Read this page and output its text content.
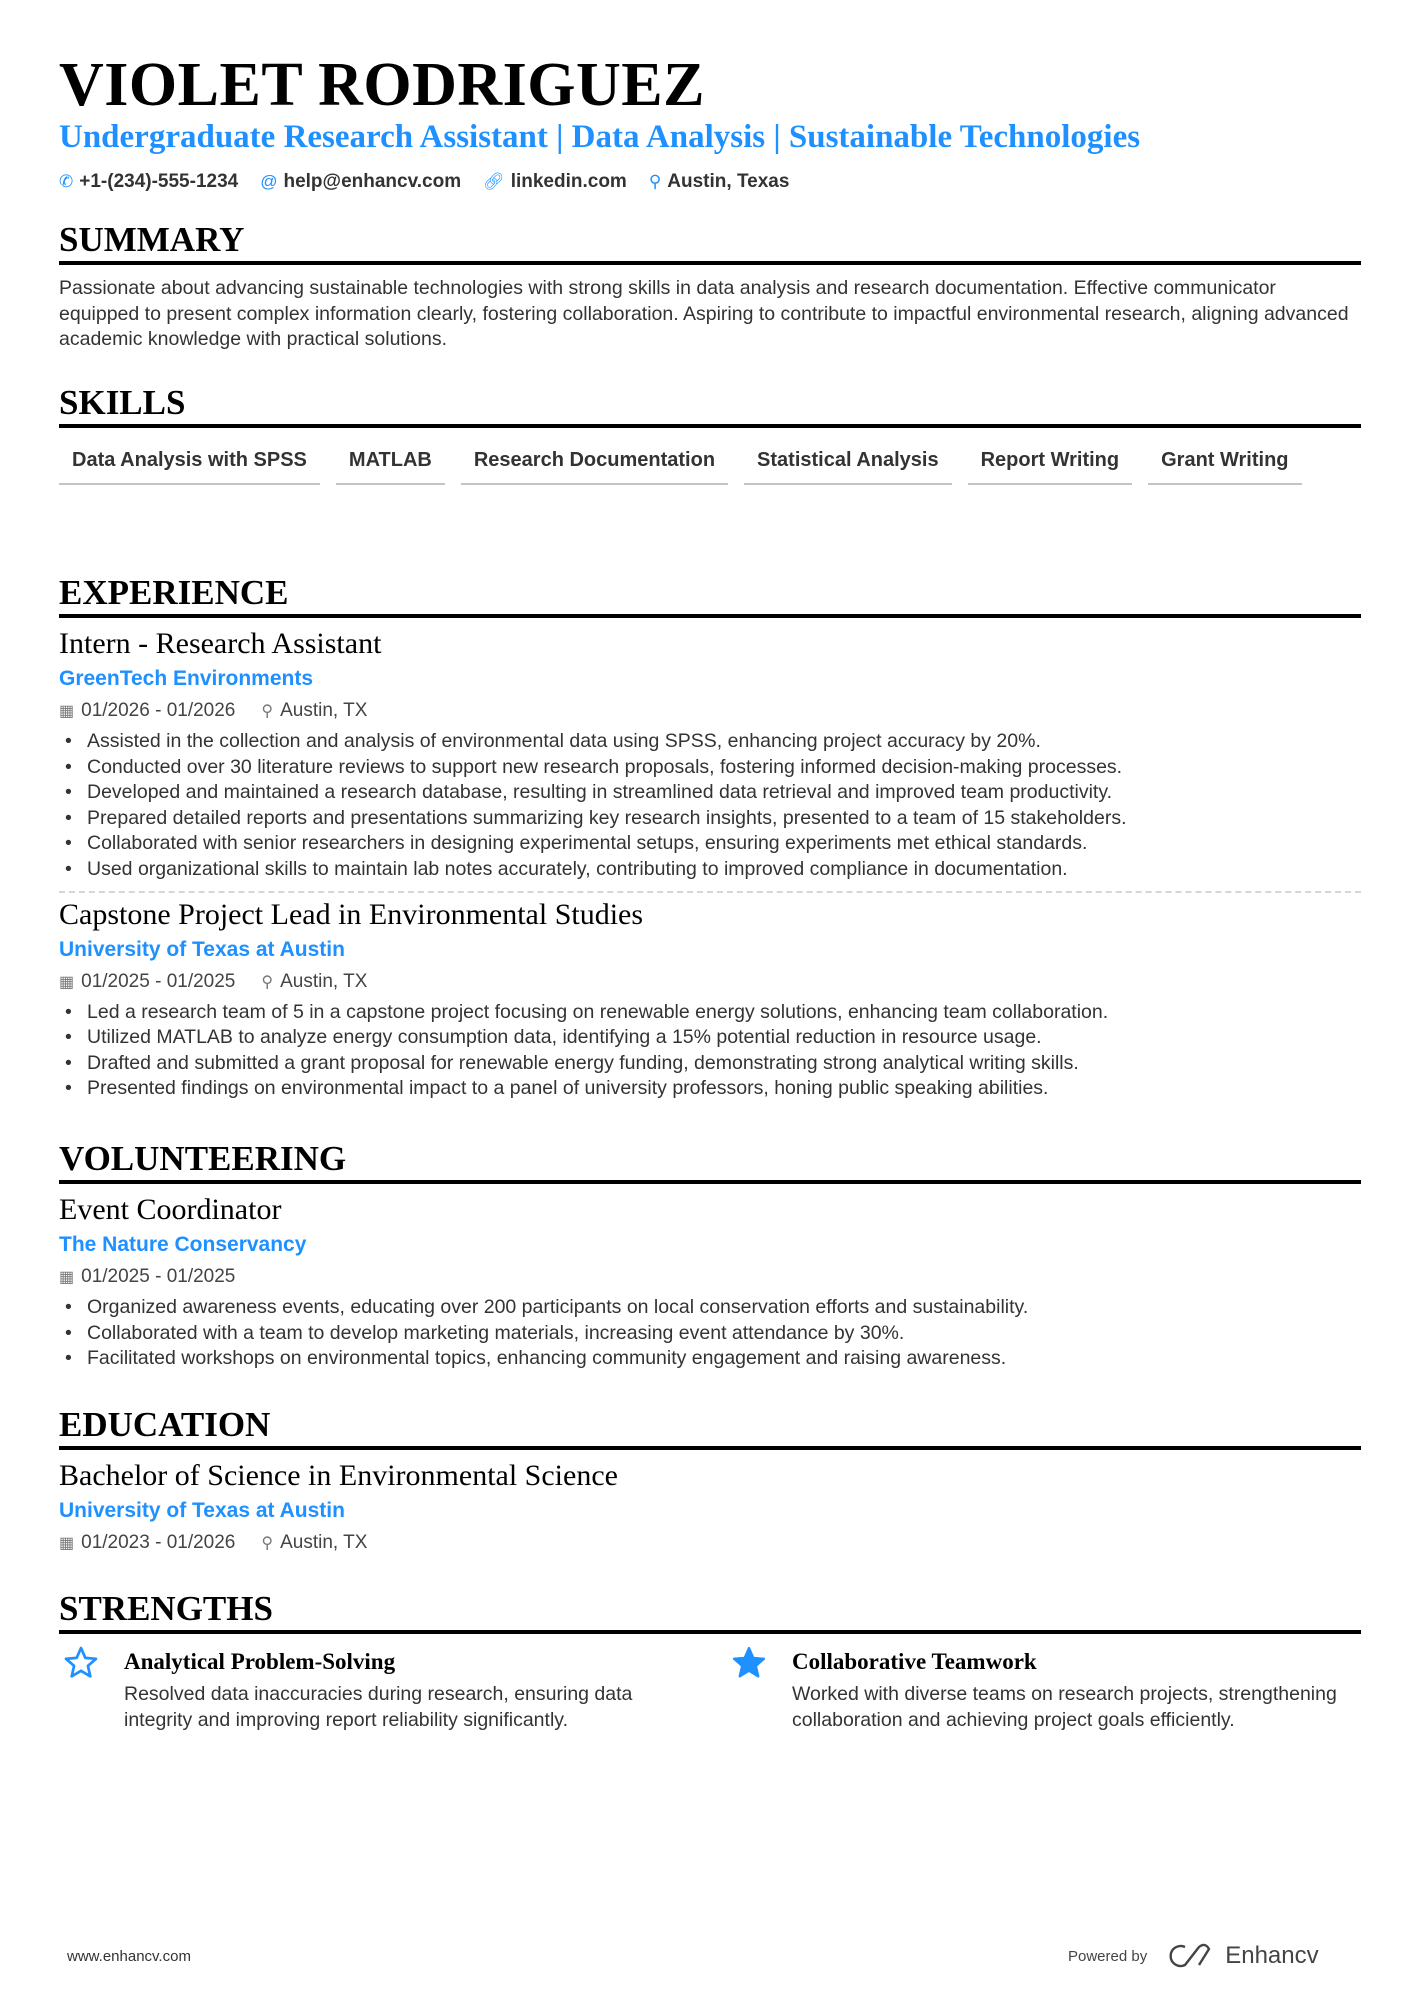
VIOLET RODRIGUEZ
Undergraduate Research Assistant | Data Analysis | Sustainable Technologies
✆ +1-(234)-555-1234 @ help@enhancv.com 🔗︎ linkedin.com ⚲ Austin, Texas
SUMMARY

Passionate about advancing sustainable technologies with strong skills in data analysis and research documentation. Effective communicator equipped to present complex information clearly, fostering collaboration. Aspiring to contribute to impactful environmental research, aligning advanced academic knowledge with practical solutions.

SKILLS
Data Analysis with SPSS	MATLAB	Research Documentation	Statistical Analysis	Report Writing	Grant Writing
EXPERIENCE
Intern - Research Assistant
GreenTech Environments
▦ 01/2026 - 01/2026 ⚲ Austin, TX
• Assisted in the collection and analysis of environmental data using SPSS, enhancing project accuracy by 20%.
• Conducted over 30 literature reviews to support new research proposals, fostering informed decision-making processes.
• Developed and maintained a research database, resulting in streamlined data retrieval and improved team productivity.
• Prepared detailed reports and presentations summarizing key research insights, presented to a team of 15 stakeholders.
• Collaborated with senior researchers in designing experimental setups, ensuring experiments met ethical standards.
• Used organizational skills to maintain lab notes accurately, contributing to improved compliance in documentation.
Capstone Project Lead in Environmental Studies
University of Texas at Austin
▦ 01/2025 - 01/2025 ⚲ Austin, TX
• Led a research team of 5 in a capstone project focusing on renewable energy solutions, enhancing team collaboration.
• Utilized MATLAB to analyze energy consumption data, identifying a 15% potential reduction in resource usage.
• Drafted and submitted a grant proposal for renewable energy funding, demonstrating strong analytical writing skills.
• Presented findings on environmental impact to a panel of university professors, honing public speaking abilities.
VOLUNTEERING
Event Coordinator
The Nature Conservancy
▦ 01/2025 - 01/2025
• Organized awareness events, educating over 200 participants on local conservation efforts and sustainability.
• Collaborated with a team to develop marketing materials, increasing event attendance by 30%.
• Facilitated workshops on environmental topics, enhancing community engagement and raising awareness.
EDUCATION
Bachelor of Science in Environmental Science
University of Texas at Austin
▦ 01/2023 - 01/2026 ⚲ Austin, TX
STRENGTHS
Analytical Problem-Solving
Resolved data inaccuracies during research, ensuring data integrity and improving report reliability significantly.
Collaborative Teamwork
Worked with diverse teams on research projects, strengthening collaboration and achieving project goals efficiently.
www.enhancv.com	Powered by	Enhancv
